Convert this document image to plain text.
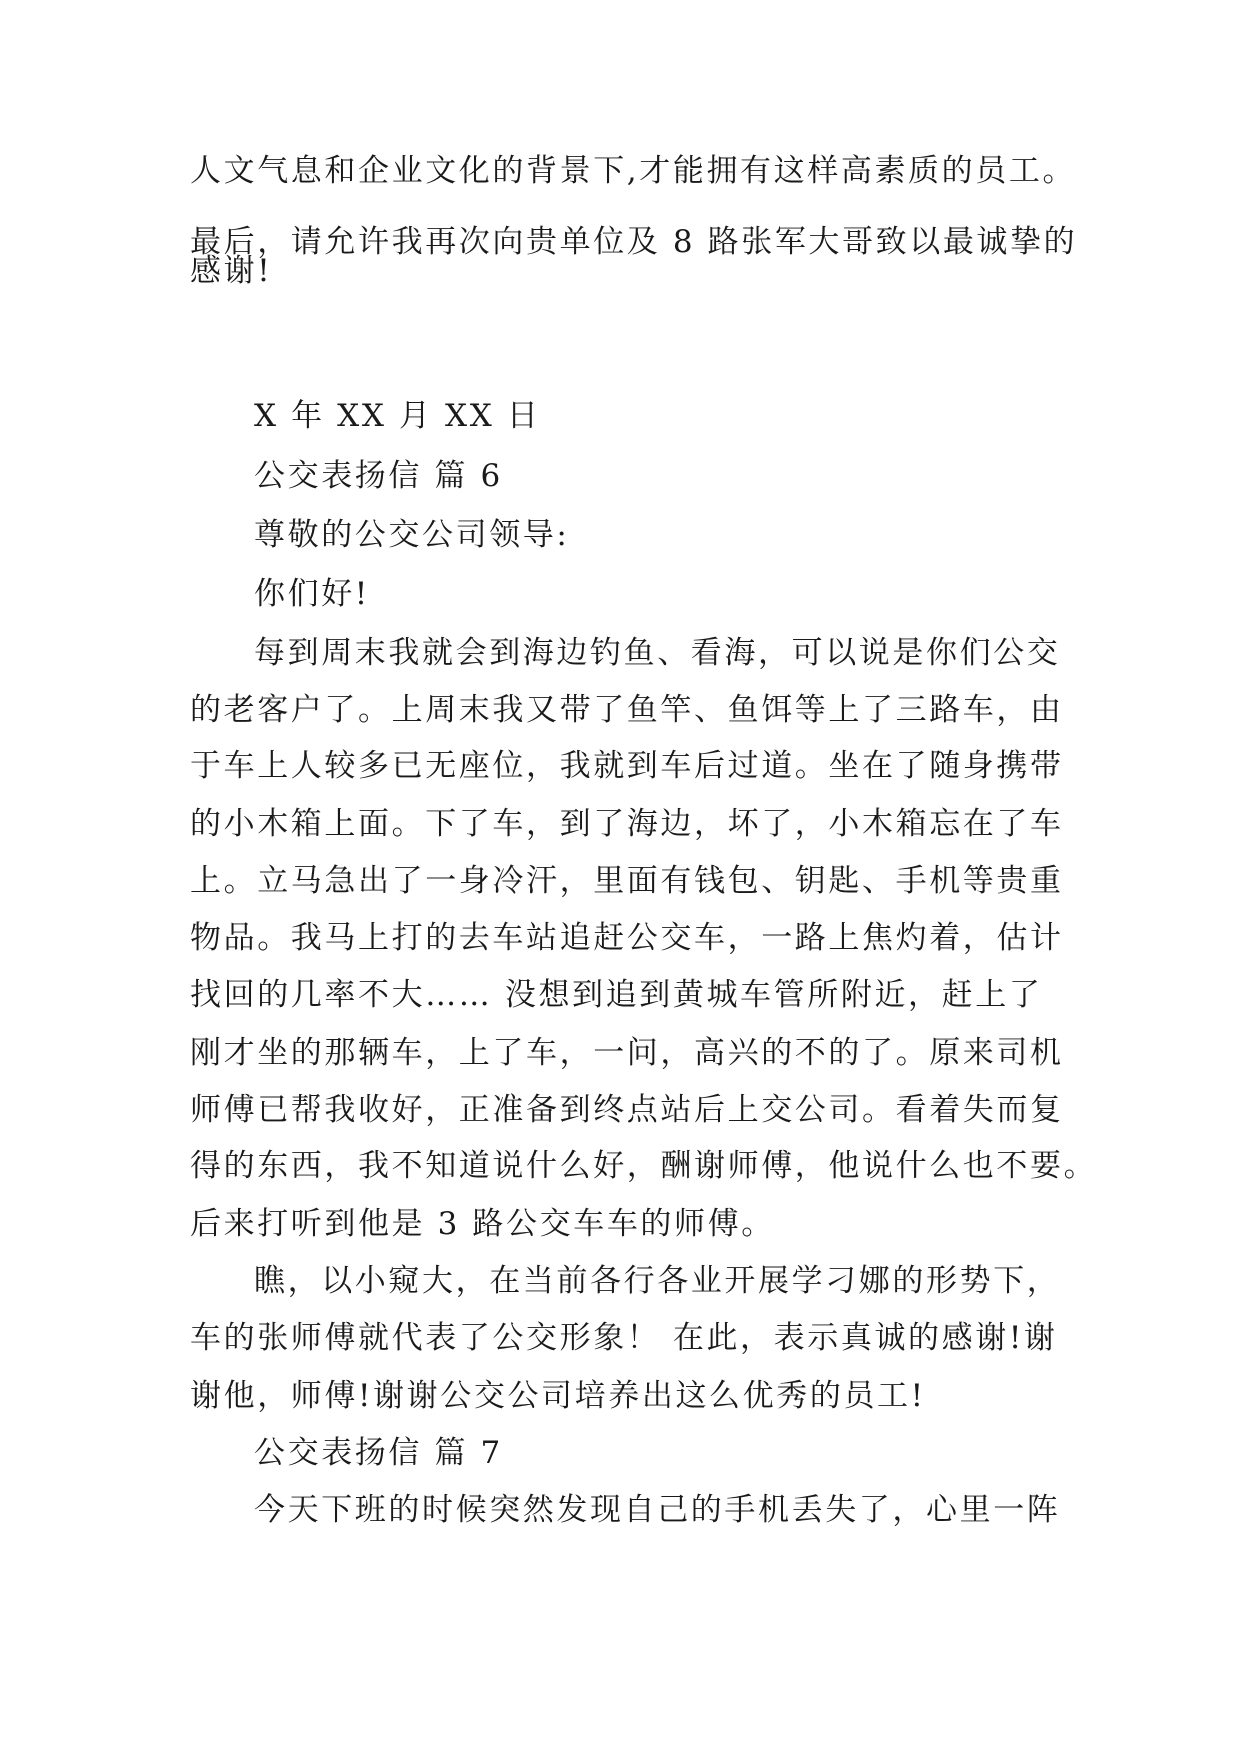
人文气息和企业文化的背景下,才能拥有这样高素质的员工。
最后，请允许我再次向贵单位及 8 路张军大哥致以最诚挚的
感谢!
X 年 XX 月 XX 日
公交表扬信 篇 6
尊敬的公交公司领导:
你们好!
每到周末我就会到海边钓鱼、看海，可以说是你们公交
的老客户了。上周末我又带了鱼竿、鱼饵等上了三路车，由
于车上人较多已无座位，我就到车后过道。坐在了随身携带
的小木箱上面。下了车，到了海边，坏了，小木箱忘在了车
上。立马急出了一身冷汗，里面有钱包、钥匙、手机等贵重
物品。我马上打的去车站追赶公交车，一路上焦灼着，估计
找回的几率不大…… 没想到追到黄城车管所附近，赶上了
刚才坐的那辆车，上了车，一问，高兴的不的了。原来司机
师傅已帮我收好，正准备到终点站后上交公司。看着失而复
得的东西，我不知道说什么好，酬谢师傅，他说什么也不要。
后来打听到他是 3 路公交车车的师傅。
瞧，以小窥大，在当前各行各业开展学刁娜的形势下，
车的张师傅就代表了公交形象！ 在此，表示真诚的感谢!谢
谢他，师傅!谢谢公交公司培养出这么优秀的员工!
公交表扬信 篇 7
今天下班的时候突然发现自己的手机丢失了，心里一阵
